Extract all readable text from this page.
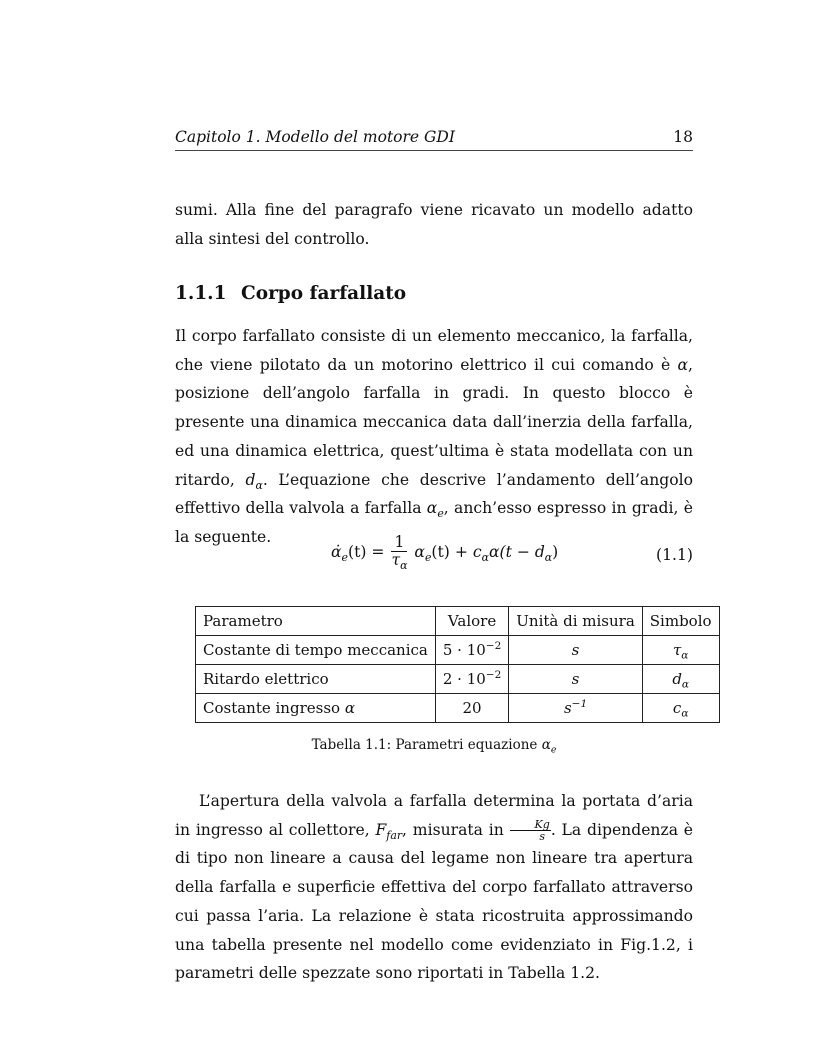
Capitolo 1. Modello del motore GDI	18
sumi. Alla fine del paragrafo viene ricavato un modello adatto alla sintesi del controllo.
1.1.1 Corpo farfallato
Il corpo farfallato consiste di un elemento meccanico, la farfalla, che viene pilotato da un motorino elettrico il cui comando è α, posizione dell’angolo farfalla in gradi. In questo blocco è presente una dinamica meccanica data dall’inerzia della farfalla, ed una dinamica elettrica, quest’ultima è stata modellata con un ritardo, $d_\alpha$. L’equazione che descrive l’andamento dell’angolo effettivo della valvola a farfalla $\alpha_e$, anch’esso espresso in gradi, è la seguente.
$\alphȧ_e(t) = \frac{1}{\tau_\alpha} \alpha_e(t) + c_\alpha\alpha(t - d_\alpha)$	(1.1)
Parametro	Valore	Unità di misura	Simbolo
Costante di tempo meccanica	$5 \cdot 10^{-2}$	s	$\tau_\alpha$
Ritardo elettrico	$2 \cdot 10^{-2}$	s	$d_\alpha$
Costante ingresso α	20	$s^{-1}$	$c_\alpha$
Tabella 1.1: Parametri equazione $\alpha_e$
L’apertura della valvola a farfalla determina la portata d’aria in ingresso al collettore, $F_{far}$, misurata in $\frac{Kg}{s}$ . La dipendenza è di tipo non lineare a causa del legame non lineare tra apertura della farfalla e superficie effettiva del corpo farfallato attraverso cui passa l’aria. La relazione è stata ricostruita approssimando una tabella presente nel modello come evidenziato in Fig.1.2, i parametri delle spezzate sono riportati in Tabella 1.2.
